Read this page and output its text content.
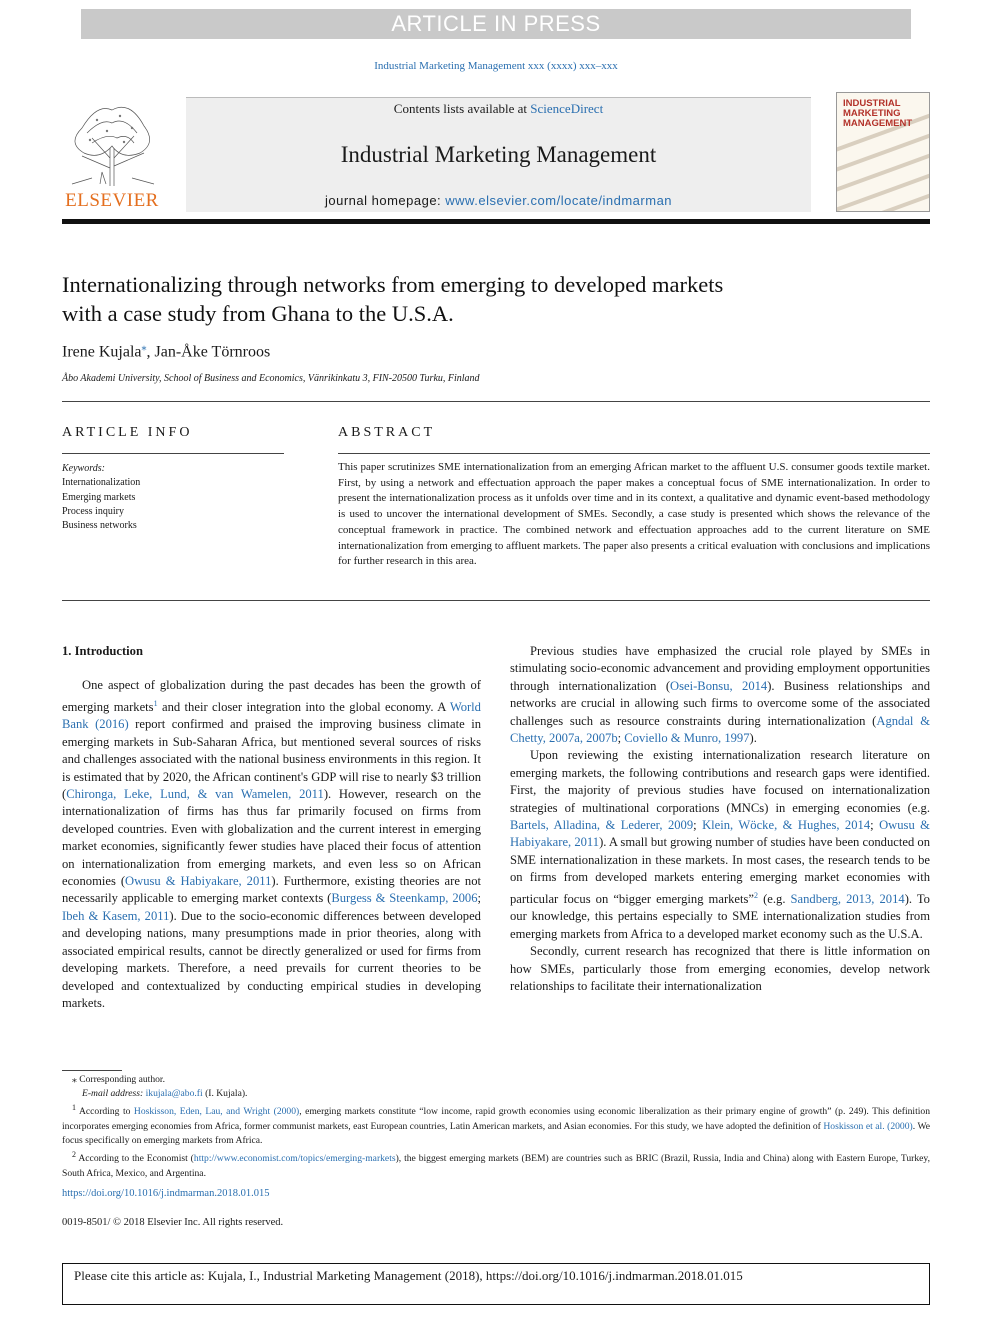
ARTICLE IN PRESS
Industrial Marketing Management xxx (xxxx) xxx–xxx
ELSEVIER
Contents lists available at ScienceDirect
Industrial Marketing Management
journal homepage: www.elsevier.com/locate/indmarman
INDUSTRIAL
MARKETING
MANAGEMENT
Internationalizing through networks from emerging to developed markets
with a case study from Ghana to the U.S.A.
Irene Kujala⁎, Jan-Åke Törnroos
Åbo Akademi University, School of Business and Economics, Vänrikinkatu 3, FIN-20500 Turku, Finland
ARTICLE INFO	ABSTRACT
Keywords:
Internationalization
Emerging markets
Process inquiry
Business networks
This paper scrutinizes SME internationalization from an emerging African market to the affluent U.S. consumer goods textile market. First, by using a network and effectuation approach the paper makes a conceptual focus of SME internationalization. In order to present the internationalization process as it unfolds over time and in its context, a qualitative and dynamic event-based methodology is used to uncover the international development of SMEs. Secondly, a case study is presented which shows the relevance of the conceptual framework in practice. The combined network and effectuation approaches add to the current literature on SME internationalization from emerging to affluent markets. The paper also presents a critical evaluation with conclusions and implications for further research in this area.

1. Introduction

One aspect of globalization during the past decades has been the growth of emerging markets$^1$ and their closer integration into the global economy. A World Bank (2016) report confirmed and praised the improving business climate in emerging markets in Sub-Saharan Africa, but mentioned several sources of risks and challenges associated with the national business environments in this region. It is estimated that by 2020, the African continent's GDP will rise to nearly $3 trillion (Chironga, Leke, Lund, & van Wamelen, 2011). However, research on the internationalization of firms has thus far primarily focused on firms from developed countries. Even with globalization and the current interest in emerging market economies, significantly fewer studies have placed their focus of attention on internationalization from emerging markets, and even less so on African economies (Owusu & Habiyakare, 2011). Furthermore, existing theories are not necessarily applicable to emerging market contexts (Burgess & Steenkamp, 2006; Ibeh & Kasem, 2011). Due to the socio-economic differences between developed and developing nations, many presumptions made in prior theories, along with associated empirical results, cannot be directly generalized or used for firms from developing markets. Therefore, a need prevails for current theories to be developed and contextualized by conducting empirical studies in developing markets.

Previous studies have emphasized the crucial role played by SMEs in stimulating socio-economic advancement and providing employment opportunities through internationalization (Osei-Bonsu, 2014). Business relationships and networks are crucial in allowing such firms to overcome some of the associated challenges such as resource constraints during internationalization (Agndal & Chetty, 2007a, 2007b; Coviello & Munro, 1997).

Upon reviewing the existing internationalization research literature on emerging markets, the following contributions and research gaps were identified. First, the majority of previous studies have focused on internationalization strategies of multinational corporations (MNCs) in emerging economies (e.g. Bartels, Alladina, & Lederer, 2009; Klein, Wöcke, & Hughes, 2014; Owusu & Habiyakare, 2011). A small but growing number of studies have been conducted on SME internationalization in these markets. In most cases, the research tends to be on firms from developed markets entering emerging market economies with particular focus on “bigger emerging markets”$^2$ (e.g. Sandberg, 2013, 2014). To our knowledge, this pertains especially to SME internationalization studies from emerging markets from Africa to a developed market economy such as the U.S.A.

Secondly, current research has recognized that there is little information on how SMEs, particularly those from emerging economies, develop network relationships to facilitate their internationalization

⁎ Corresponding author.

E-mail address: ikujala@abo.fi (I. Kujala).

$^1$ According to Hoskisson, Eden, Lau, and Wright (2000), emerging markets constitute “low income, rapid growth economies using economic liberalization as their primary engine of growth” (p. 249). This definition incorporates emerging economies from Africa, former communist markets, east European countries, Latin American markets, and Asian economies. For this study, we have adopted the definition of Hoskisson et al. (2000). We focus specifically on emerging markets from Africa.

$^2$ According to the Economist (http://www.economist.com/topics/emerging-markets), the biggest emerging markets (BEM) are countries such as BRIC (Brazil, Russia, India and China) along with Eastern Europe, Turkey, South Africa, Mexico, and Argentina.

https://doi.org/10.1016/j.indmarman.2018.01.015
0019-8501/ © 2018 Elsevier Inc. All rights reserved.
Please cite this article as: Kujala, I., Industrial Marketing Management (2018), https://doi.org/10.1016/j.indmarman.2018.01.015
